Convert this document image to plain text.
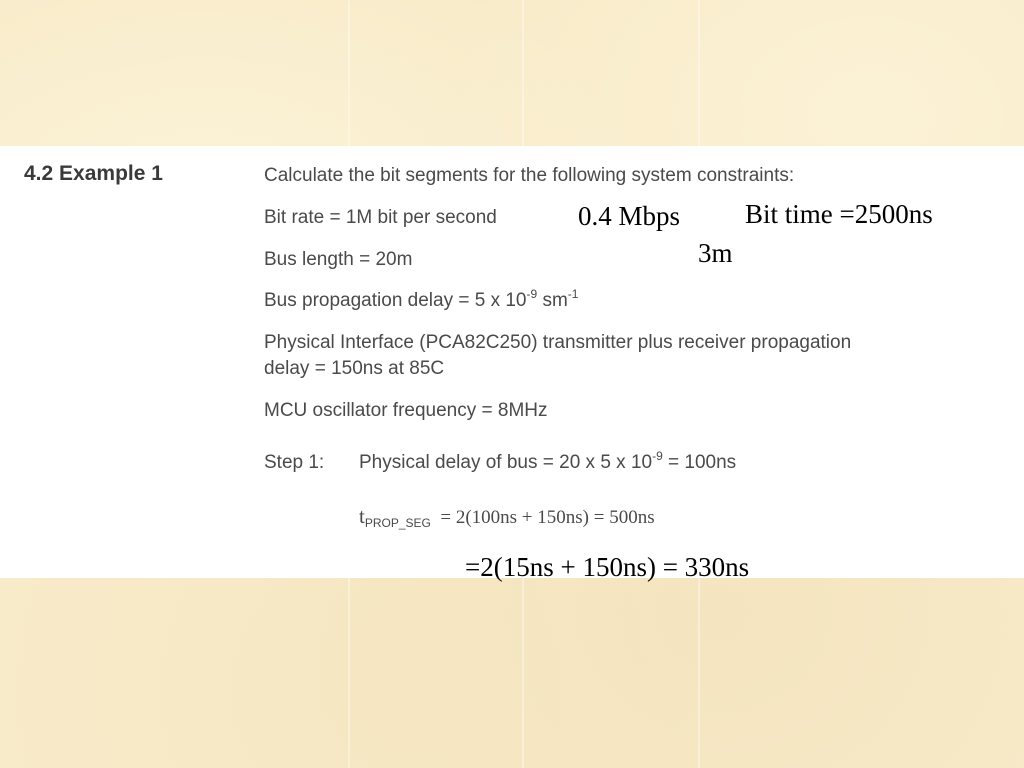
4.2 Example 1	Calculate the bit segments for the following system constraints:
Bit rate = 1M bit per second
Bus length = 20m
Bus propagation delay = 5 x $10^{-9}$ $sm^{-1}$
Physical Interface (PCA82C250) transmitter plus receiver propagation
delay = 150ns at 85C
MCU oscillator frequency = 8MHz
Step 1: Physical delay of bus = 20 x 5 x $10^{-9} = 100ns$
$t_{PROP\_SEG} = 2(100ns + 150ns) = 500ns$
0.4 Mbps Bit time =2500ns
3m
=2(15ns + 150ns) = 330ns
